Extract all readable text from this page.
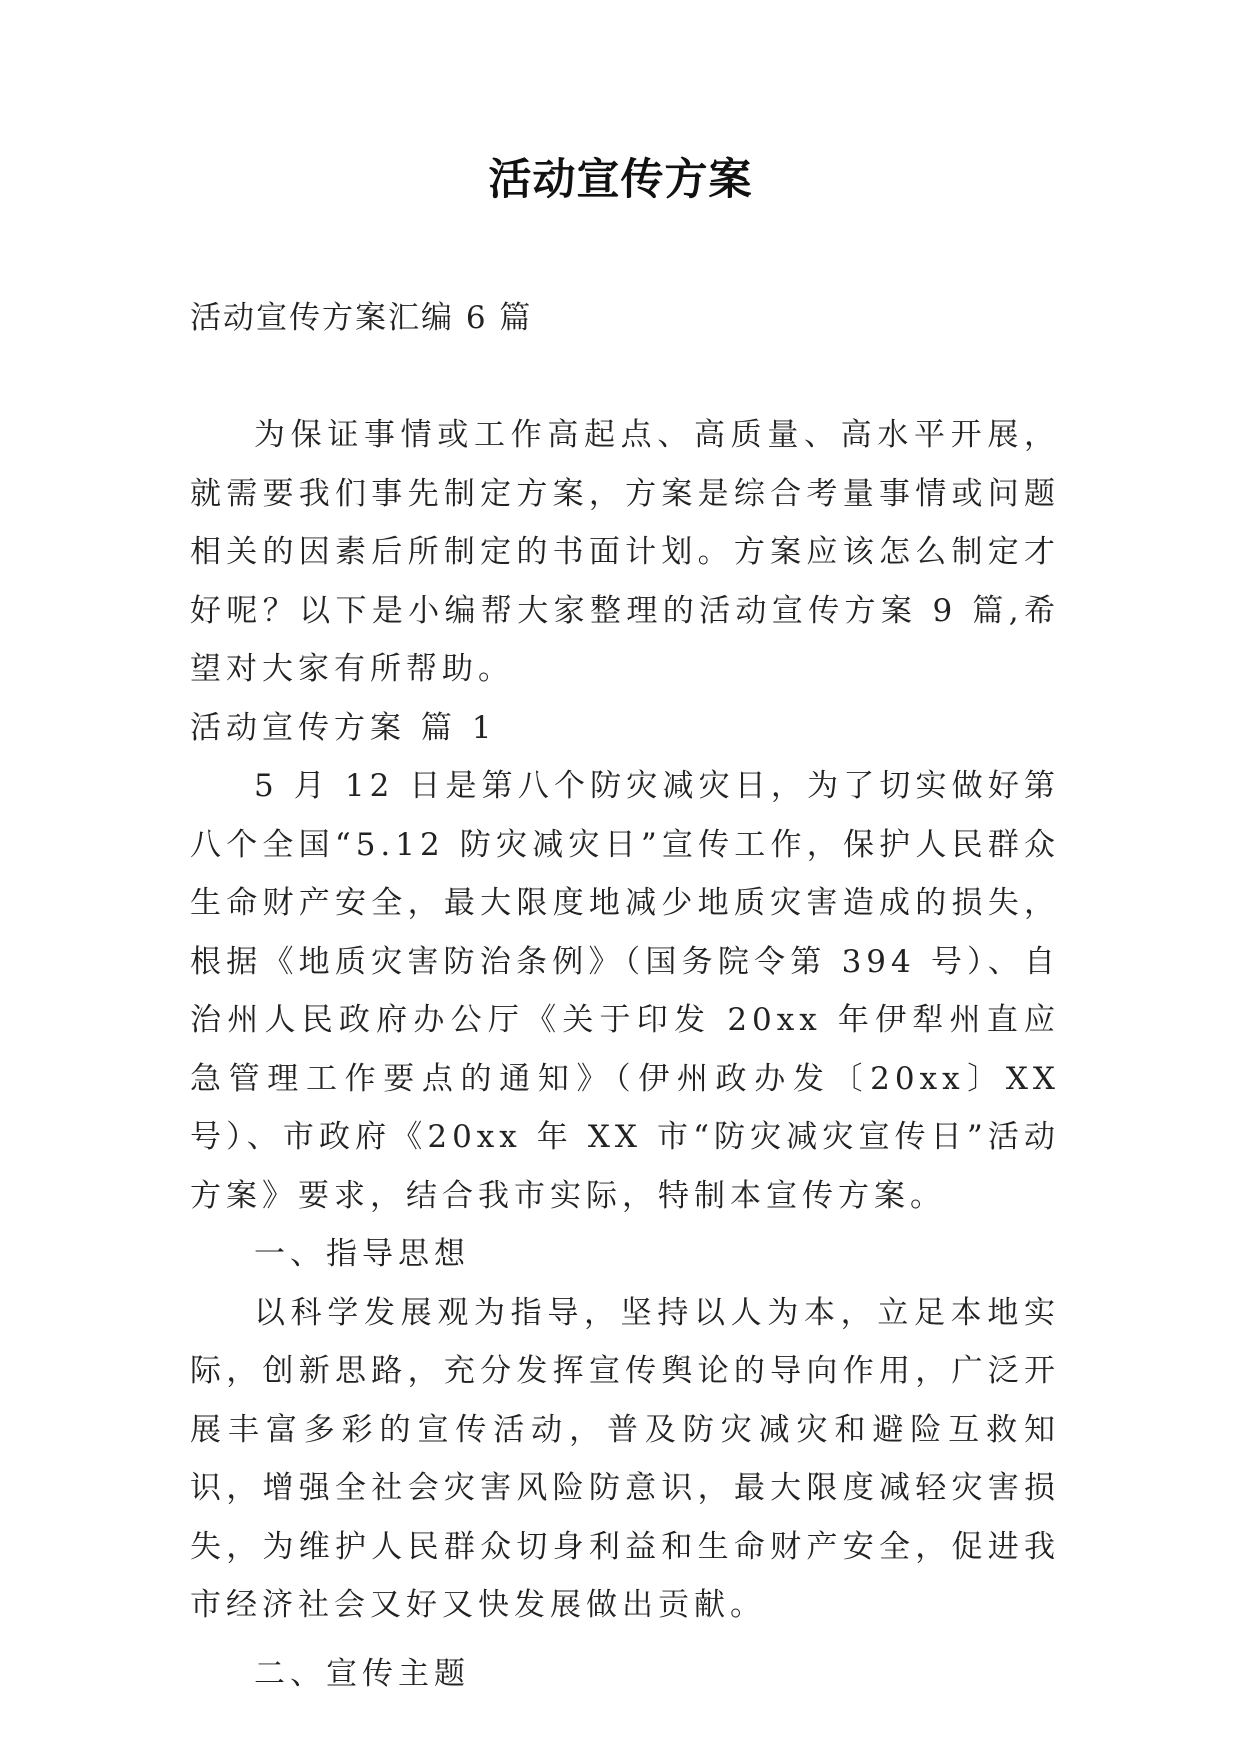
活动宣传方案
活动宣传方案汇编 6 篇

为保证事情或工作高起点、高质量、高水平开展，就需要我们事先制定方案，方案是综合考量事情或问题相关的因素后所制定的书面计划。方案应该怎么制定才好呢？以下是小编帮大家整理的活动宣传方案 9 篇,希望对大家有所帮助。

活动宣传方案 篇 1

5 月 12 日是第八个防灾减灾日，为了切实做好第八个全国“5.12 防灾减灾日”宣传工作，保护人民群众生命财产安全，最大限度地减少地质灾害造成的损失，根据《地质灾害防治条例》（国务院令第 394 号）、自治州人民政府办公厅《关于印发 20xx 年伊犁州直应急管理工作要点的通知》（伊州政办发〔20xx〕XX 号）、市政府《20xx 年 XX 市“防灾减灾宣传日”活动方案》要求，结合我市实际，特制本宣传方案。

一、指导思想

以科学发展观为指导，坚持以人为本，立足本地实际，创新思路，充分发挥宣传舆论的导向作用，广泛开展丰富多彩的宣传活动，普及防灾减灾和避险互救知识，增强全社会灾害风险防意识，最大限度减轻灾害损失，为维护人民群众切身利益和生命财产安全，促进我市经济社会又好又快发展做出贡献。

二、宣传主题
